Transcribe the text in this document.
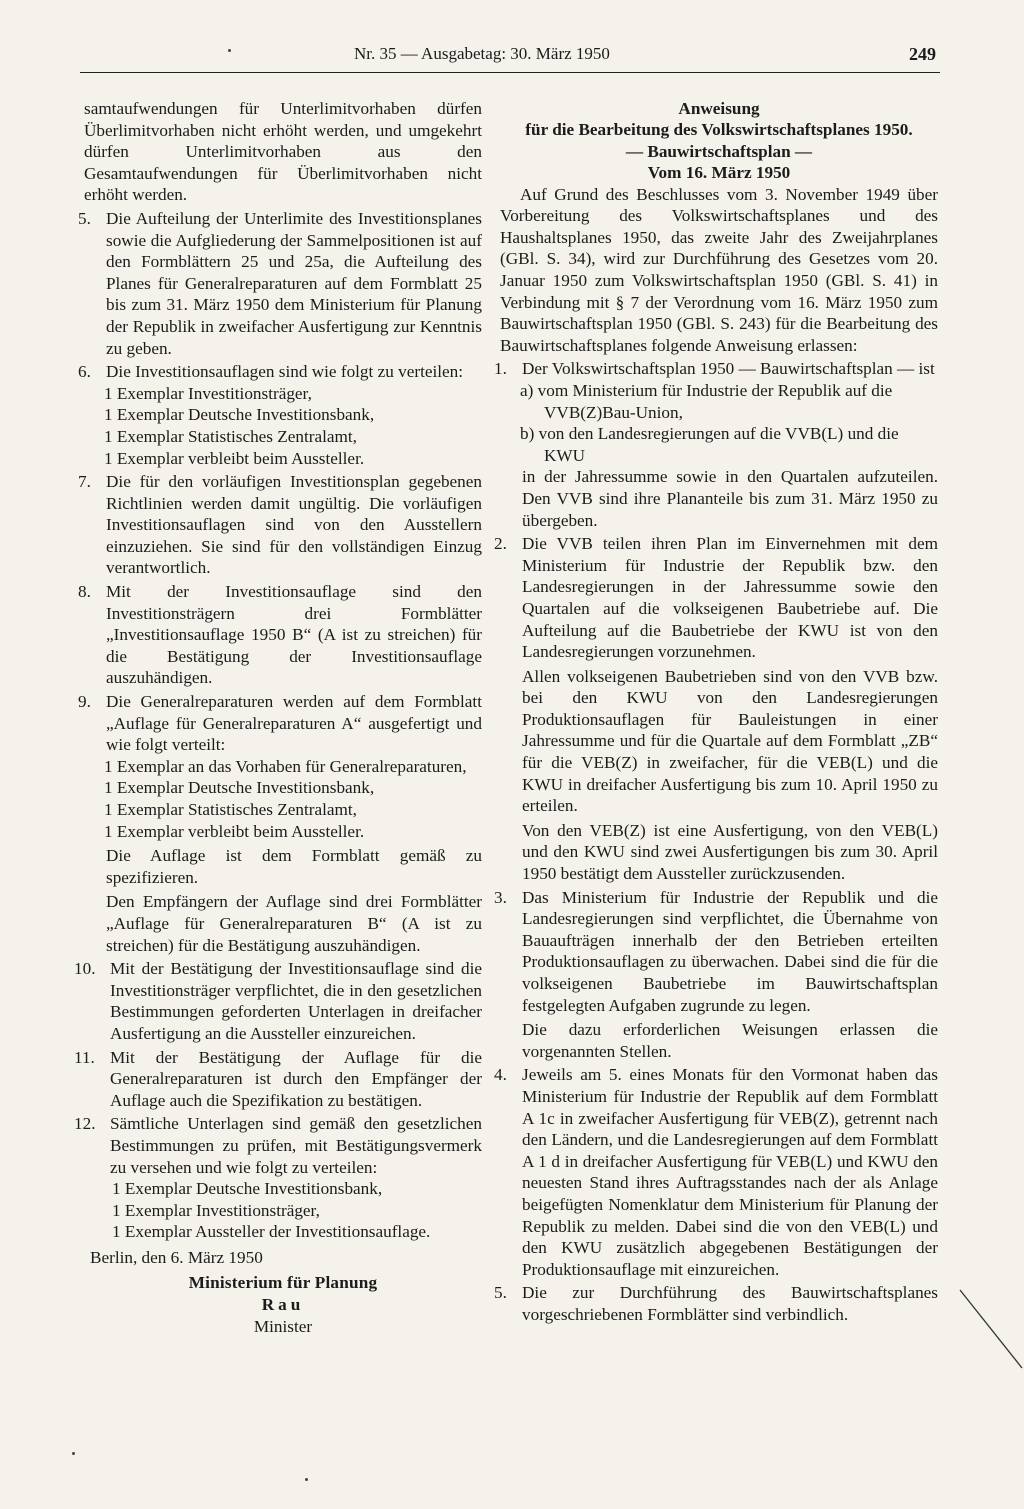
Nr. 35 — Ausgabetag: 30. März 1950	249

samtaufwendungen für Unterlimitvorhaben dürfen Überlimitvorhaben nicht erhöht werden, und umgekehrt dürfen Unterlimitvorhaben aus den Gesamtaufwendungen für Überlimitvorhaben nicht erhöht werden.

5. Die Aufteilung der Unterlimite des Investitionsplanes sowie die Aufgliederung der Sammelpositionen ist auf den Formblättern 25 und 25a, die Aufteilung des Planes für Generalreparaturen auf dem Formblatt 25 bis zum 31. März 1950 dem Ministerium für Planung der Republik in zweifacher Ausfertigung zur Kenntnis zu geben.

6. Die Investitionsauflagen sind wie folgt zu verteilen:

1 Exemplar Investitionsträger,

1 Exemplar Deutsche Investitionsbank,

1 Exemplar Statistisches Zentralamt,

1 Exemplar verbleibt beim Aussteller.

7. Die für den vorläufigen Investitionsplan gegebenen Richtlinien werden damit ungültig. Die vorläufigen Investitionsauflagen sind von den Ausstellern einzuziehen. Sie sind für den vollständigen Einzug verantwortlich.

8. Mit der Investitionsauflage sind den Investitionsträgern drei Formblätter „Investitionsauflage 1950 B“ (A ist zu streichen) für die Bestätigung der Investitionsauflage auszuhändigen.

9. Die Generalreparaturen werden auf dem Formblatt „Auflage für Generalreparaturen A“ ausgefertigt und wie folgt verteilt:

1 Exemplar an das Vorhaben für Generalreparaturen,

1 Exemplar Deutsche Investitionsbank,

1 Exemplar Statistisches Zentralamt,

1 Exemplar verbleibt beim Aussteller.

Die Auflage ist dem Formblatt gemäß zu spezifizieren.

Den Empfängern der Auflage sind drei Formblätter „Auflage für Generalreparaturen B“ (A ist zu streichen) für die Bestätigung auszuhändigen.

10. Mit der Bestätigung der Investitionsauflage sind die Investitionsträger verpflichtet, die in den gesetzlichen Bestimmungen geforderten Unterlagen in dreifacher Ausfertigung an die Aussteller einzureichen.

11. Mit der Bestätigung der Auflage für die Generalreparaturen ist durch den Empfänger der Auflage auch die Spezifikation zu bestätigen.

12. Sämtliche Unterlagen sind gemäß den gesetzlichen Bestimmungen zu prüfen, mit Bestätigungsvermerk zu versehen und wie folgt zu verteilen:

1 Exemplar Deutsche Investitionsbank,

1 Exemplar Investitionsträger,

1 Exemplar Aussteller der Investitionsauflage.

Berlin, den 6. März 1950

Ministerium für Planung

Rau

Minister

Anweisung

für die Bearbeitung des Volkswirtschaftsplanes 1950.

— Bauwirtschaftsplan —

Vom 16. März 1950

Auf Grund des Beschlusses vom 3. November 1949 über Vorbereitung des Volkswirtschaftsplanes und des Haushaltsplanes 1950, das zweite Jahr des Zweijahrplanes (GBl. S. 34), wird zur Durchführung des Gesetzes vom 20. Januar 1950 zum Volkswirtschaftsplan 1950 (GBl. S. 41) in Verbindung mit § 7 der Verordnung vom 16. März 1950 zum Bauwirtschaftsplan 1950 (GBl. S. 243) für die Bearbeitung des Bauwirtschaftsplanes folgende Anweisung erlassen:

1. Der Volkswirtschaftsplan 1950 — Bauwirtschaftsplan — ist

a) vom Ministerium für Industrie der Republik auf die VVB(Z)Bau-Union,

b) von den Landesregierungen auf die VVB(L) und die KWU

in der Jahressumme sowie in den Quartalen aufzuteilen. Den VVB sind ihre Plananteile bis zum 31. März 1950 zu übergeben.

2. Die VVB teilen ihren Plan im Einvernehmen mit dem Ministerium für Industrie der Republik bzw. den Landesregierungen in der Jahressumme sowie den Quartalen auf die volkseigenen Baubetriebe auf. Die Aufteilung auf die Baubetriebe der KWU ist von den Landesregierungen vorzunehmen.

Allen volkseigenen Baubetrieben sind von den VVB bzw. bei den KWU von den Landesregierungen Produktionsauflagen für Bauleistungen in einer Jahressumme und für die Quartale auf dem Formblatt „ZB“ für die VEB(Z) in zweifacher, für die VEB(L) und die KWU in dreifacher Ausfertigung bis zum 10. April 1950 zu erteilen.

Von den VEB(Z) ist eine Ausfertigung, von den VEB(L) und den KWU sind zwei Ausfertigungen bis zum 30. April 1950 bestätigt dem Aussteller zurückzusenden.

3. Das Ministerium für Industrie der Republik und die Landesregierungen sind verpflichtet, die Übernahme von Bauaufträgen innerhalb der den Betrieben erteilten Produktionsauflagen zu überwachen. Dabei sind die für die volkseigenen Baubetriebe im Bauwirtschaftsplan festgelegten Aufgaben zugrunde zu legen.

Die dazu erforderlichen Weisungen erlassen die vorgenannten Stellen.

4. Jeweils am 5. eines Monats für den Vormonat haben das Ministerium für Industrie der Republik auf dem Formblatt A 1c in zweifacher Ausfertigung für VEB(Z), getrennt nach den Ländern, und die Landesregierungen auf dem Formblatt A 1 d in dreifacher Ausfertigung für VEB(L) und KWU den neuesten Stand ihres Auftragsstandes nach der als Anlage beigefügten Nomenklatur dem Ministerium für Planung der Republik zu melden. Dabei sind die von den VEB(L) und den KWU zusätzlich abgegebenen Bestätigungen der Produktionsauflage mit einzureichen.

5. Die zur Durchführung des Bauwirtschaftsplanes vorgeschriebenen Formblätter sind verbindlich.
